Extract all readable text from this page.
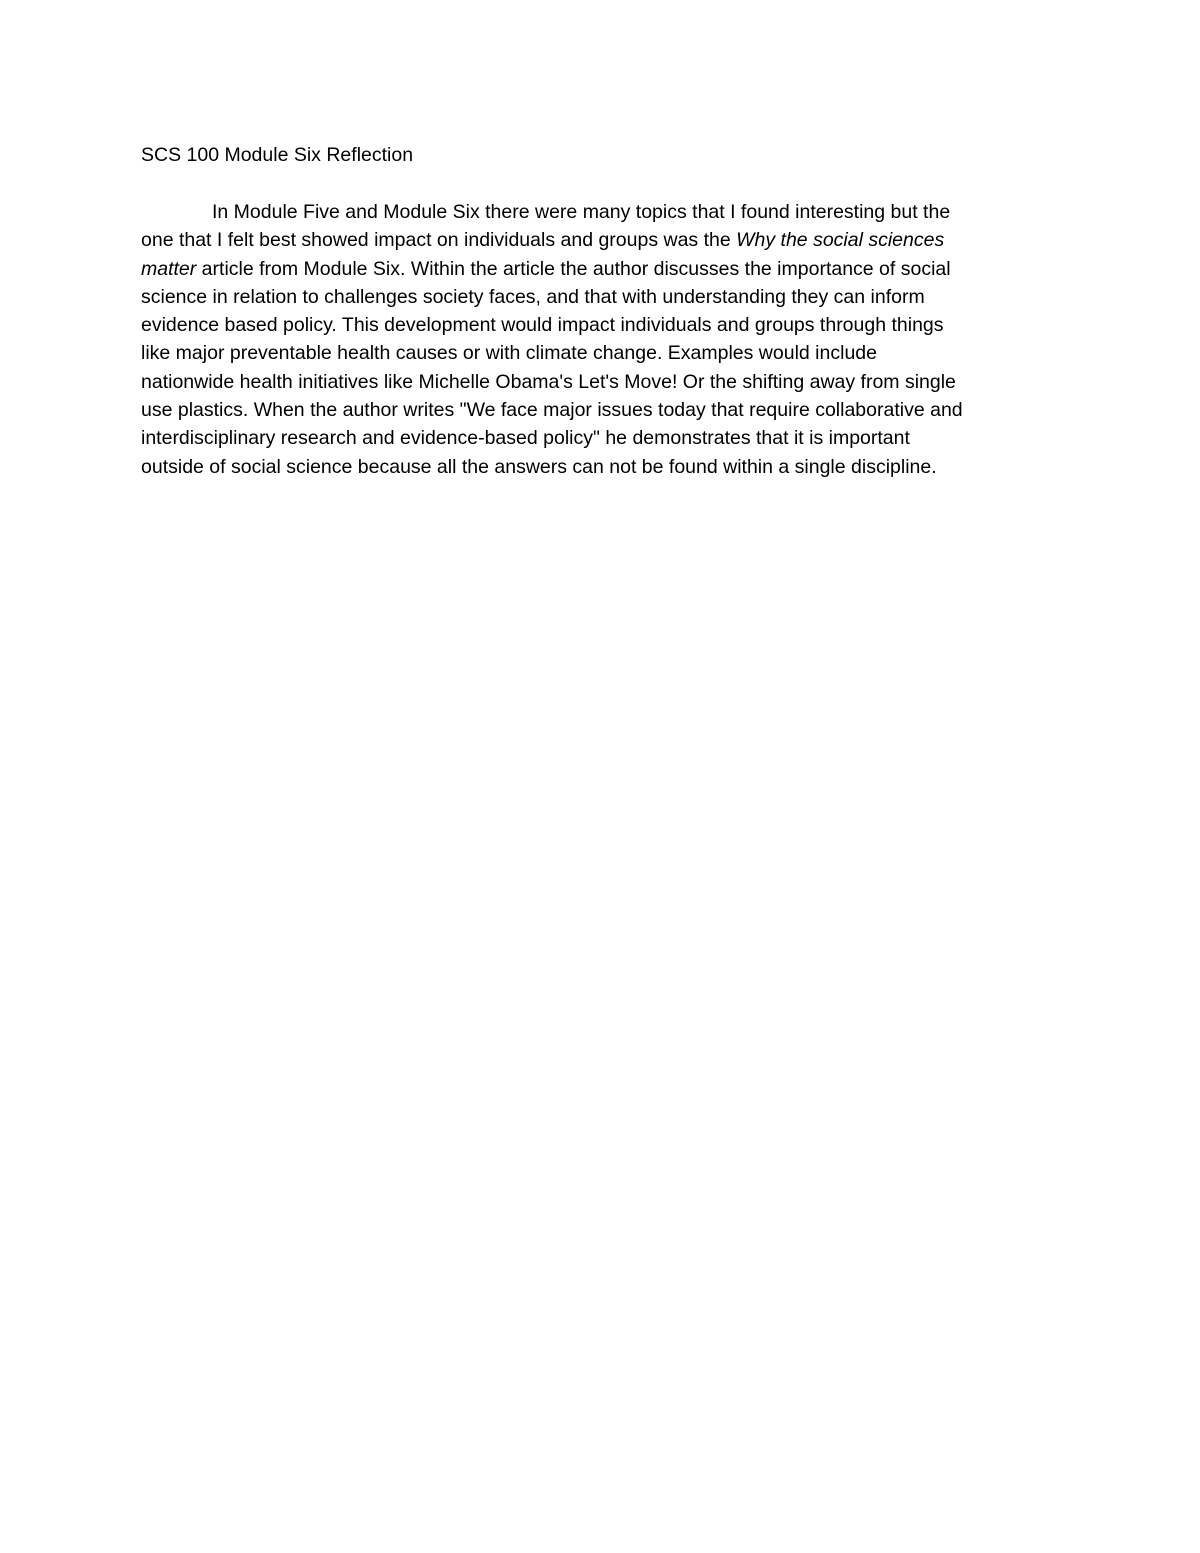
SCS 100 Module Six Reflection
In Module Five and Module Six there were many topics that I found interesting but the
one that I felt best showed impact on individuals and groups was the Why the social sciences
matter article from Module Six. Within the article the author discusses the importance of social
science in relation to challenges society faces, and that with understanding they can inform
evidence based policy. This development would impact individuals and groups through things
like major preventable health causes or with climate change. Examples would include
nationwide health initiatives like Michelle Obama's Let's Move! Or the shifting away from single
use plastics. When the author writes "We face major issues today that require collaborative and
interdisciplinary research and evidence-based policy" he demonstrates that it is important
outside of social science because all the answers can not be found within a single discipline.
